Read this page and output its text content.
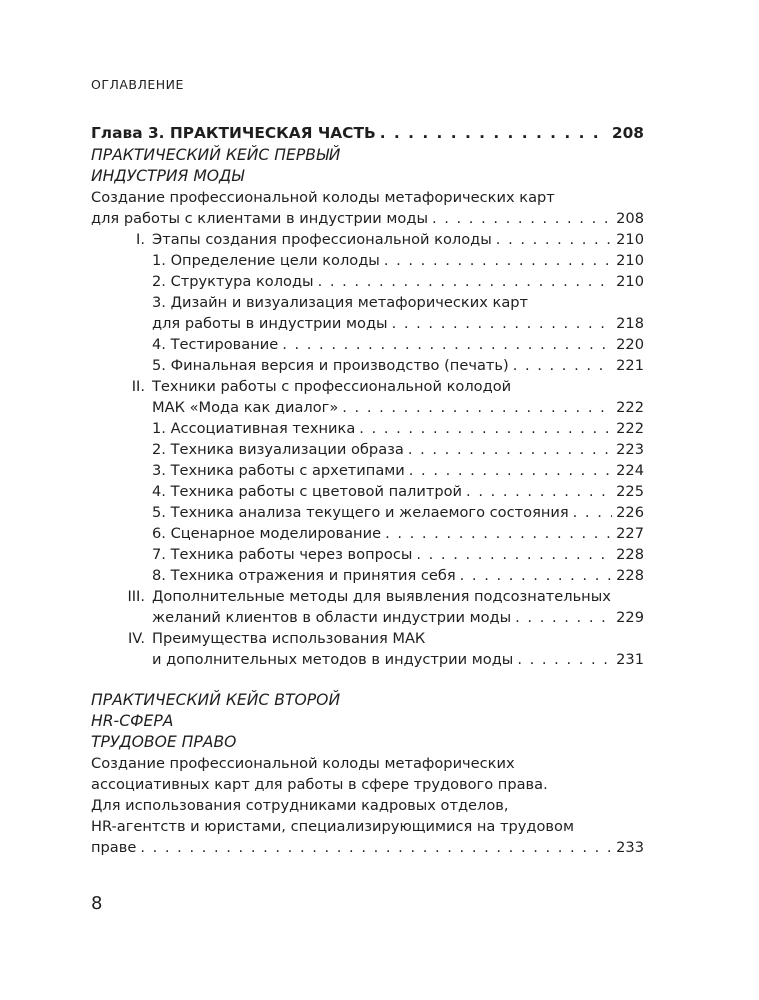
ОГЛАВЛЕНИЕ
Глава 3. ПРАКТИЧЕСКАЯ ЧАСТЬ . . .	208
ПРАКТИЧЕСКИЙ КЕЙС ПЕРВЫЙ
ИНДУСТРИЯ МОДЫ
Создание профессиональной колоды метафорических карт
для работы с клиентами в индустрии моды . . .	208
I. Этапы создания профессиональной колоды . . .	210
1. Определение цели колоды . . .	210
2. Структура колоды . . .	210
3. Дизайн и визуализация метафорических карт
для работы в индустрии моды . . .	218
4. Тестирование . . .	220
5. Финальная версия и производство (печать) . . .	221
II. Техники работы с профессиональной колодой
МАК «Мода как диалог» . . .	222
1. Ассоциативная техника . . .	222
2. Техника визуализации образа . . .	223
3. Техника работы с архетипами . . .	224
4. Техника работы с цветовой палитрой . . .	225
5. Техника анализа текущего и желаемого состояния . . .	226
6. Сценарное моделирование . . .	227
7. Техника работы через вопросы . . .	228
8. Техника отражения и принятия себя . . .	228
III. Дополнительные методы для выявления подсознательных
желаний клиентов в области индустрии моды . . .	229
IV. Преимущества использования МАК
и дополнительных методов в индустрии моды . . .	231
ПРАКТИЧЕСКИЙ КЕЙС ВТОРОЙ
HR-СФЕРА
ТРУДОВОЕ ПРАВО
Создание профессиональной колоды метафорических
ассоциативных карт для работы в сфере трудового права.
Для использования сотрудниками кадровых отделов,
HR-агентств и юристами, специализирующимися на трудовом
праве . . .	233
8
